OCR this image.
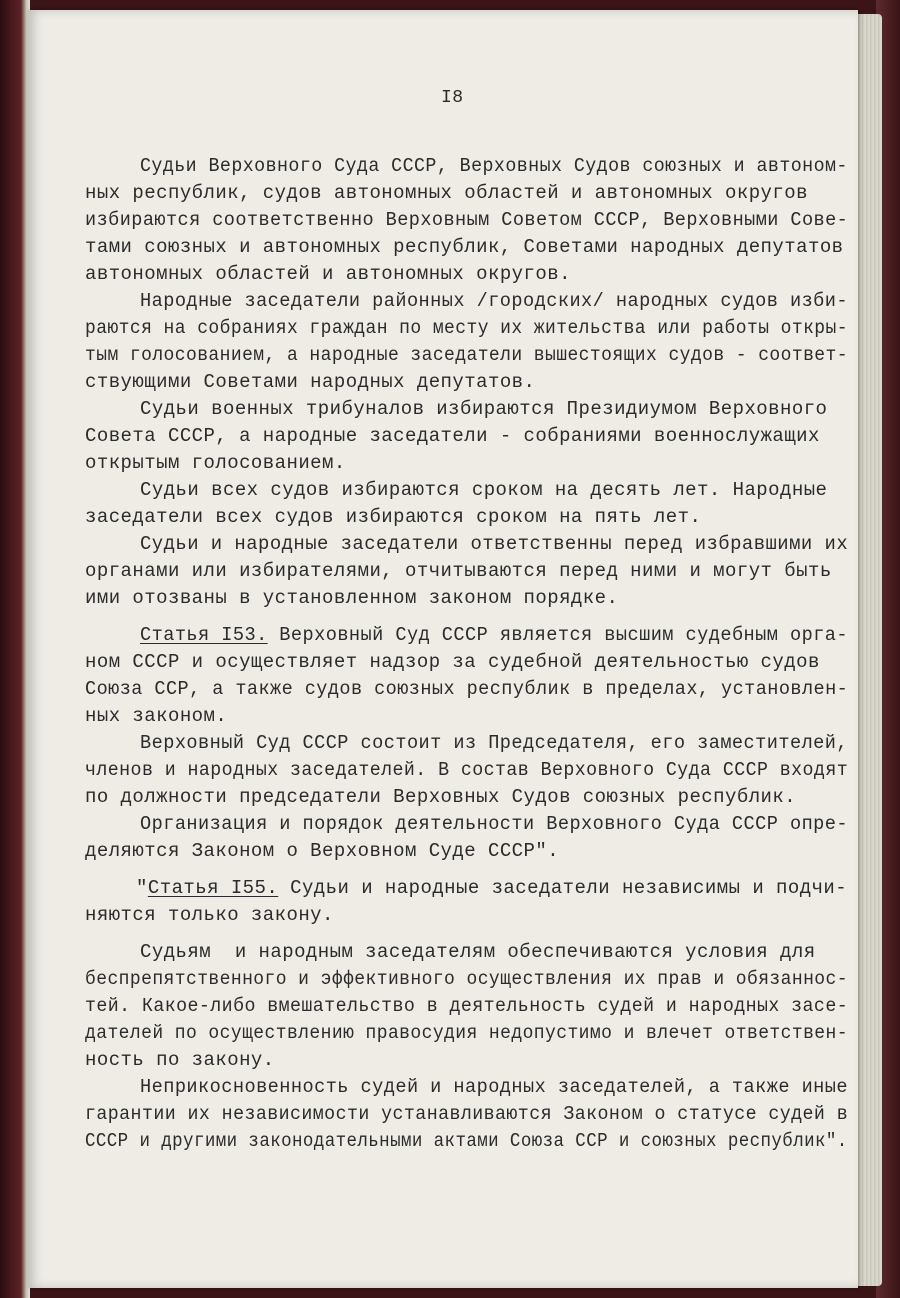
I8
Судьи Верховного Суда СССР, Верховных Судов союзных и автоном-
ных республик, судов автономных областей и автономных округов
избираются соответственно Верховным Советом СССР, Верховными Сове-
тами союзных и автономных республик, Советами народных депутатов
автономных областей и автономных округов.
Народные заседатели районных /городских/ народных судов изби-
раются на собраниях граждан по месту их жительства или работы откры-
тым голосованием, а народные заседатели вышестоящих судов - соответ-
ствующими Советами народных депутатов.
Судьи военных трибуналов избираются Президиумом Верховного
Совета СССР, а народные заседатели - собраниями военнослужащих
открытым голосованием.
Судьи всех судов избираются сроком на десять лет. Народные
заседатели всех судов избираются сроком на пять лет.
Судьи и народные заседатели ответственны перед избравшими их
органами или избирателями, отчитываются перед ними и могут быть
ими отозваны в установленном законом порядке.
Статья I53. Верховный Суд СССР является высшим судебным орга-
ном СССР и осуществляет надзор за судебной деятельностью судов
Союза ССР, а также судов союзных республик в пределах, установлен-
ных законом.
Верховный Суд СССР состоит из Председателя, его заместителей,
членов и народных заседателей. В состав Верховного Суда СССР входят
по должности председатели Верховных Судов союзных республик.
Организация и порядок деятельности Верховного Суда СССР опре-
деляются Законом о Верховном Суде СССР".
"Статья I55. Судьи и народные заседатели независимы и подчи-
няются только закону.
Судьям  и народным заседателям обеспечиваются условия для
беспрепятственного и эффективного осуществления их прав и обязаннос-
тей. Какое-либо вмешательство в деятельность судей и народных засе-
дателей по осуществлению правосудия недопустимо и влечет ответствен-
ность по закону.
Неприкосновенность судей и народных заседателей, а также иные
гарантии их независимости устанавливаются Законом о статусе судей в
СССР и другими законодательными актами Союза ССР и союзных республик".
